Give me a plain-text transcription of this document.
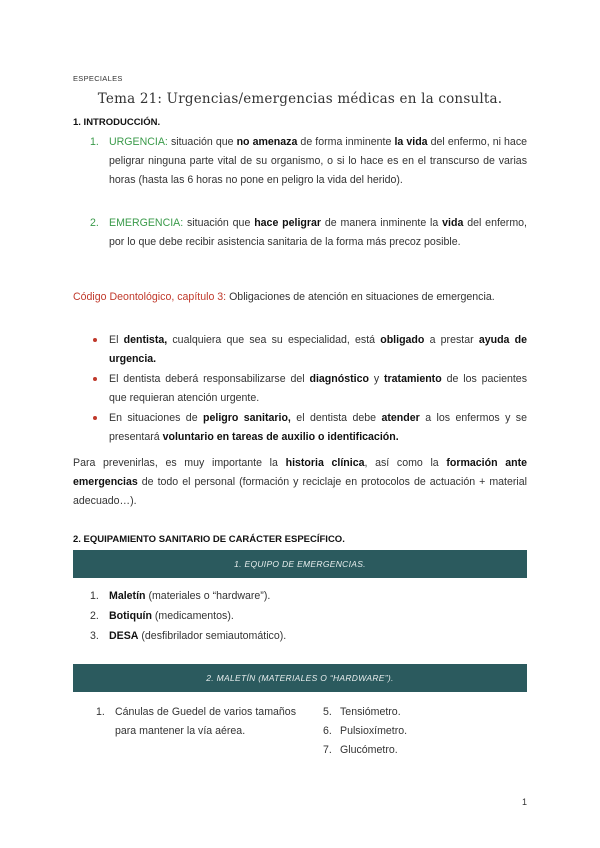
ESPECIALES
Tema 21: Urgencias/emergencias médicas en la consulta.
1. INTRODUCCIÓN.
1. URGENCIA: situación que no amenaza de forma inminente la vida del enfermo, ni hace peligrar ninguna parte vital de su organismo, o si lo hace es en el transcurso de varias horas (hasta las 6 horas no pone en peligro la vida del herido).
2. EMERGENCIA: situación que hace peligrar de manera inminente la vida del enfermo, por lo que debe recibir asistencia sanitaria de la forma más precoz posible.
Código Deontológico, capítulo 3: Obligaciones de atención en situaciones de emergencia.
El dentista, cualquiera que sea su especialidad, está obligado a prestar ayuda de urgencia.
El dentista deberá responsabilizarse del diagnóstico y tratamiento de los pacientes que requieran atención urgente.
En situaciones de peligro sanitario, el dentista debe atender a los enfermos y se presentará voluntario en tareas de auxilio o identificación.
Para prevenirlas, es muy importante la historia clínica, así como la formación ante emergencias de todo el personal (formación y reciclaje en protocolos de actuación + material adecuado…).
2. EQUIPAMIENTO SANITARIO DE CARÁCTER ESPECÍFICO.
1. EQUIPO DE EMERGENCIAS.
1. Maletín (materiales o “hardware”).
2. Botiquín (medicamentos).
3. DESA (desfibrilador semiautomático).
2. MALETÍN (MATERIALES O “HARDWARE”).
1. Cánulas de Guedel de varios tamaños para mantener la vía aérea.
5. Tensiómetro.
6. Pulsioxímetro.
7. Glucómetro.
1
